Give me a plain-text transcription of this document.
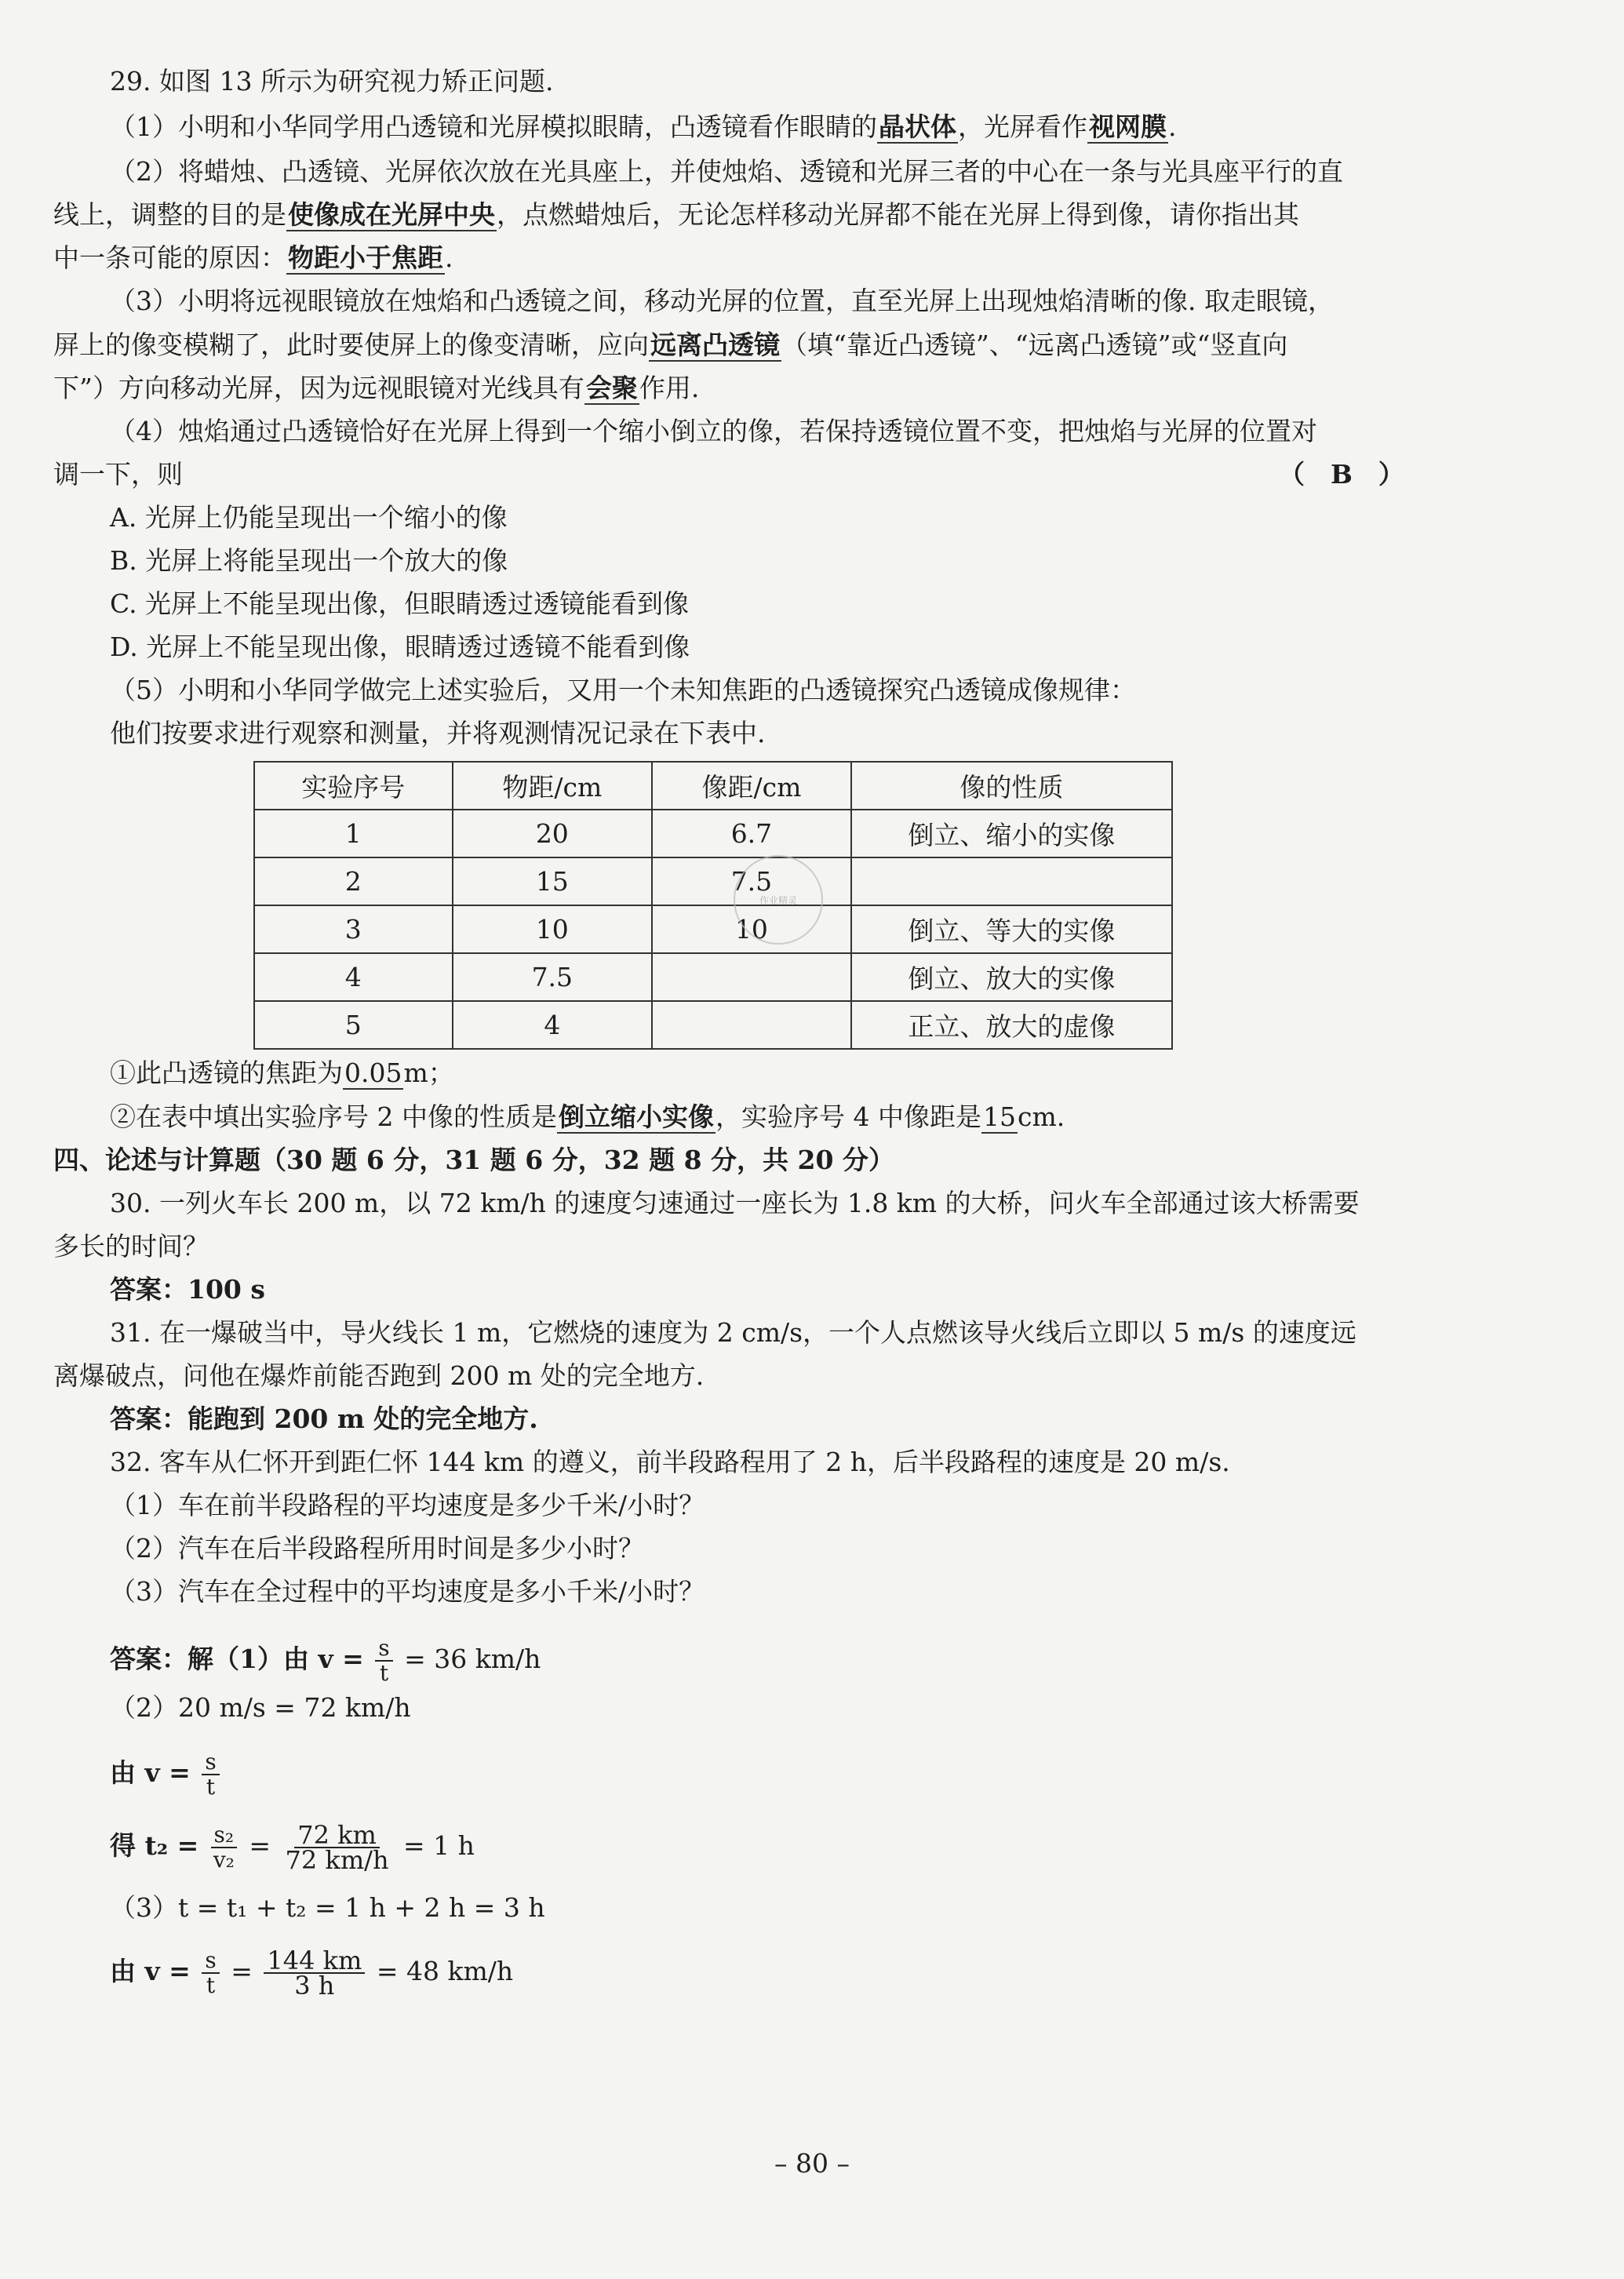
29. 如图 13 所示为研究视力矫正问题.
（1）小明和小华同学用凸透镜和光屏模拟眼睛，凸透镜看作眼睛的晶状体，光屏看作视网膜.
（2）将蜡烛、凸透镜、光屏依次放在光具座上，并使烛焰、透镜和光屏三者的中心在一条与光具座平行的直
线上，调整的目的是使像成在光屏中央，点燃蜡烛后，无论怎样移动光屏都不能在光屏上得到像，请你指出其
中一条可能的原因：物距小于焦距.
（3）小明将远视眼镜放在烛焰和凸透镜之间，移动光屏的位置，直至光屏上出现烛焰清晰的像. 取走眼镜，
屏上的像变模糊了，此时要使屏上的像变清晰，应向远离凸透镜（填“靠近凸透镜”、“远离凸透镜”或“竖直向
下”）方向移动光屏，因为远视眼镜对光线具有会聚作用.
（4）烛焰通过凸透镜恰好在光屏上得到一个缩小倒立的像，若保持透镜位置不变，把烛焰与光屏的位置对
调一下，则	（　B　）
A. 光屏上仍能呈现出一个缩小的像
B. 光屏上将能呈现出一个放大的像
C. 光屏上不能呈现出像，但眼睛透过透镜能看到像
D. 光屏上不能呈现出像，眼睛透过透镜不能看到像
（5）小明和小华同学做完上述实验后，又用一个未知焦距的凸透镜探究凸透镜成像规律：
他们按要求进行观察和测量，并将观测情况记录在下表中.
实验序号	物距/cm	像距/cm	像的性质
1	20	6.7	倒立、缩小的实像
2	15	7.5	
3	10	10	倒立、等大的实像
4	7.5		倒立、放大的实像
5	4		正立、放大的虚像
作业精灵
①此凸透镜的焦距为0.05m；
②在表中填出实验序号 2 中像的性质是倒立缩小实像，实验序号 4 中像距是15cm.
四、论述与计算题（30 题 6 分，31 题 6 分，32 题 8 分，共 20 分）
30. 一列火车长 200 m，以 72 km/h 的速度匀速通过一座长为 1.8 km 的大桥，问火车全部通过该大桥需要
多长的时间？
答案：100 s
31. 在一爆破当中，导火线长 1 m，它燃烧的速度为 2 cm/s，一个人点燃该导火线后立即以 5 m/s 的速度远
离爆破点，问他在爆炸前能否跑到 200 m 处的完全地方.
答案：能跑到 200 m 处的完全地方.
32. 客车从仁怀开到距仁怀 144 km 的遵义，前半段路程用了 2 h，后半段路程的速度是 20 m/s.
（1）车在前半段路程的平均速度是多少千米/小时？
（2）汽车在后半段路程所用时间是多少小时？
（3）汽车在全过程中的平均速度是多小千米/小时？
答案：解（1）由 $v = \frac{s}{t} = 36$ km/h
（2）20 m/s = 72 km/h
由 $v = \frac{s}{t}$
得 $t_2 = \frac{\text{s₂}}{\text{v₂}} = \frac{72 km}{72 km/h} = 1$ h
（3）t = t₁ + t₂ = 1 h + 2 h = 3 h
由 $v = \frac{s}{t} = \frac{144 km}{3 h} = 48$ km/h
– 80 –
